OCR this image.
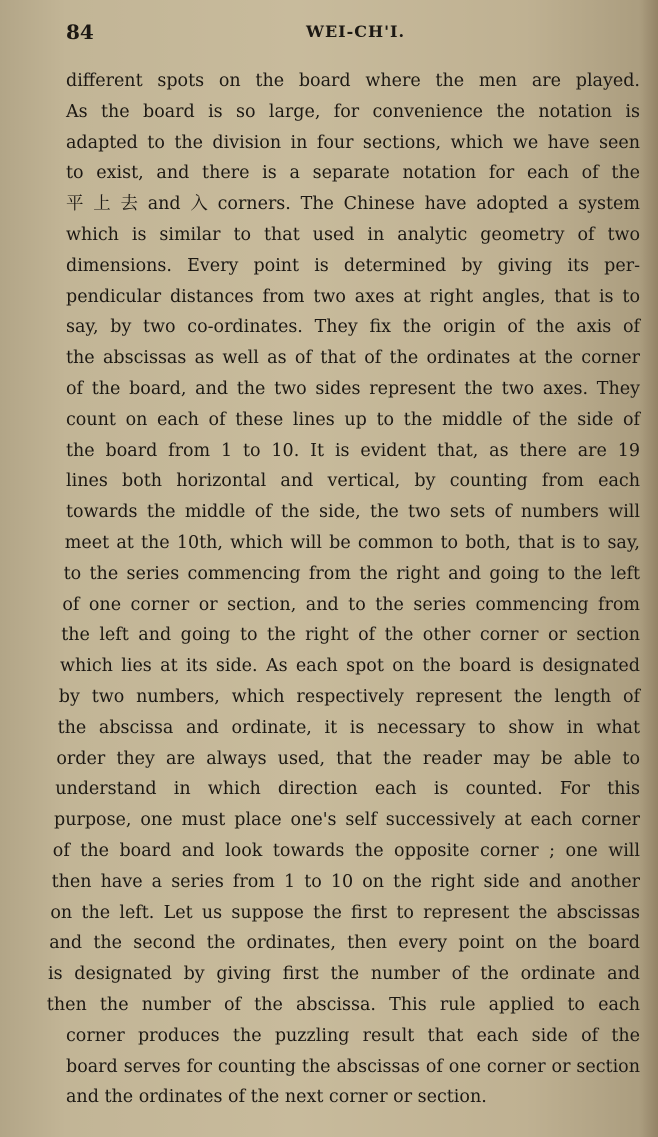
84	WEI-CH'I.
different spots on the board where the men are played.
As the board is so large, for convenience the notation is
adapted to the division in four sections, which we have seen
to exist, and there is a separate notation for each of the
平 上 去 and 入 corners. The Chinese have adopted a system
which is similar to that used in analytic geometry of two
dimensions. Every point is determined by giving its per-
pendicular distances from two axes at right angles, that is to
say, by two co-ordinates. They fix the origin of the axis of
the abscissas as well as of that of the ordinates at the corner
of the board, and the two sides represent the two axes. They
count on each of these lines up to the middle of the side of
the board from 1 to 10. It is evident that, as there are 19
lines both horizontal and vertical, by counting from each
towards the middle of the side, the two sets of numbers will
meet at the 10th, which will be common to both, that is to say,
to the series commencing from the right and going to the left
of one corner or section, and to the series commencing from
the left and going to the right of the other corner or section
which lies at its side. As each spot on the board is designated
by two numbers, which respectively represent the length of
the abscissa and ordinate, it is necessary to show in what
order they are always used, that the reader may be able to
understand in which direction each is counted. For this
purpose, one must place one's self successively at each corner
of the board and look towards the opposite corner ; one will
then have a series from 1 to 10 on the right side and another
on the left. Let us suppose the first to represent the abscissas
and the second the ordinates, then every point on the board
is designated by giving first the number of the ordinate and
then the number of the abscissa. This rule applied to each
corner produces the puzzling result that each side of the
board serves for counting the abscissas of one corner or section
and the ordinates of the next corner or section.
